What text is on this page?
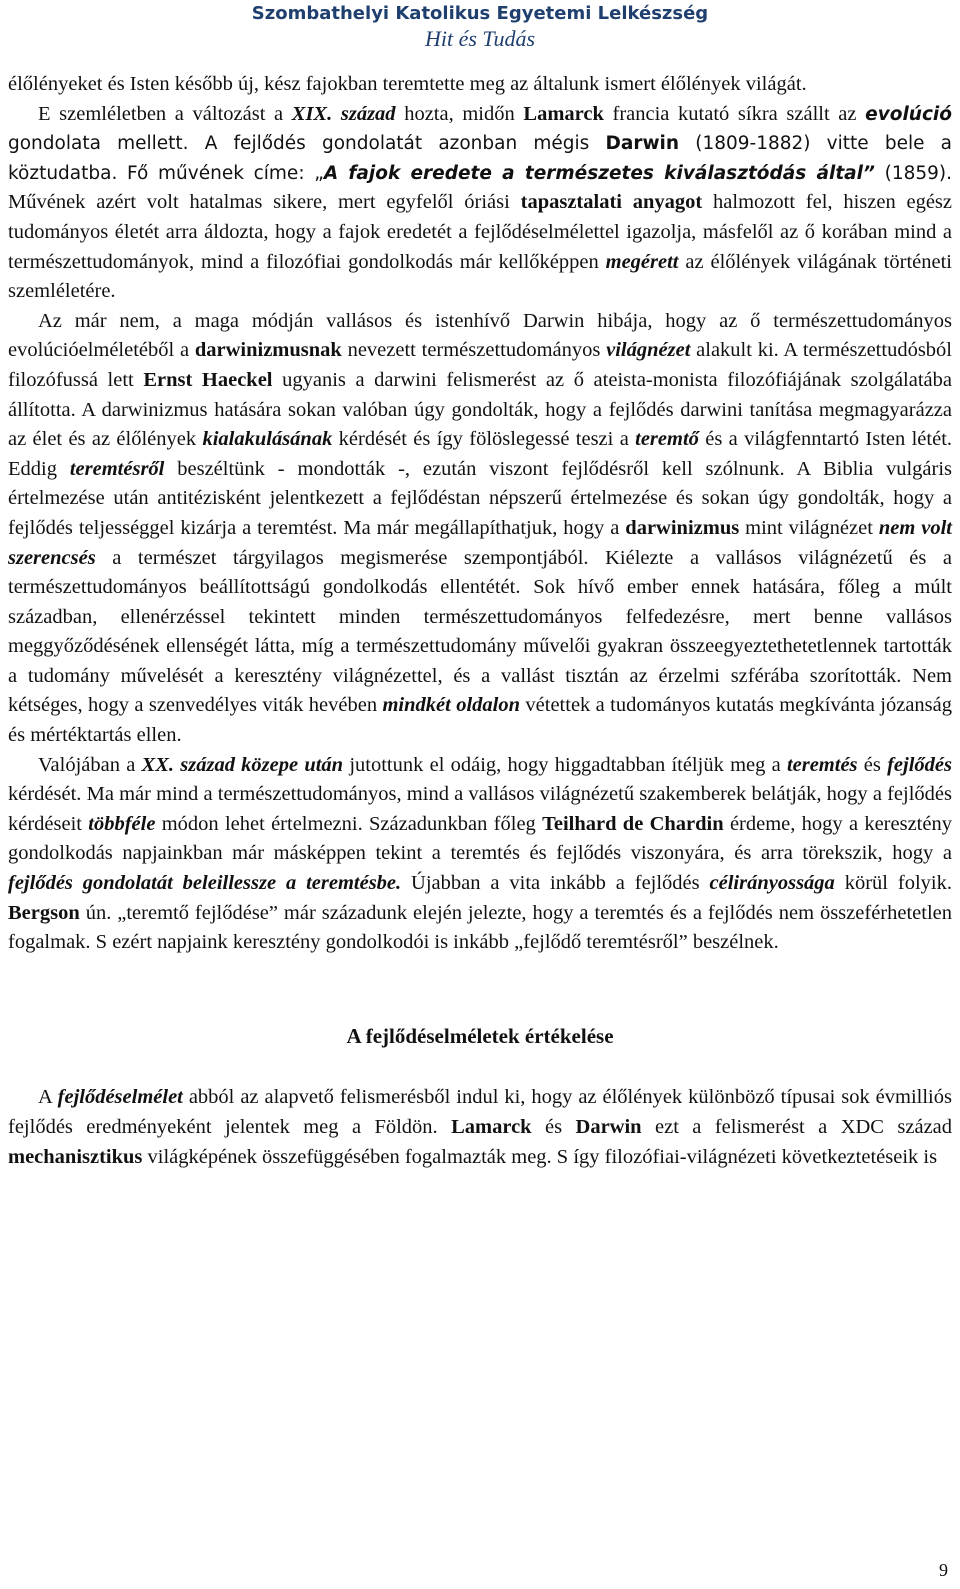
Szombathelyi Katolikus Egyetemi Lelkészség
Hit és Tudás

élőlényeket és Isten később új, kész fajokban teremtette meg az általunk ismert élőlények világát.

E szemléletben a változást a XIX. század hozta, midőn Lamarck francia kutató síkra szállt az evolúció gondolata mellett. A fejlődés gondolatát azonban mégis Darwin (1809-1882) vitte bele a köztudatba. Fő művének címe: „A fajok eredete a természetes kiválasztódás által” (1859). Művének azért volt hatalmas sikere, mert egyfelől óriási tapasztalati anyagot halmozott fel, hiszen egész tudományos életét arra áldozta, hogy a fajok eredetét a fejlődéselmélettel igazolja, másfelől az ő korában mind a természettudományok, mind a filozófiai gondolkodás már kellőképpen megérett az élőlények világának történeti szemléletére.

Az már nem, a maga módján vallásos és istenhívő Darwin hibája, hogy az ő természettudományos evolúcióelméletéből a darwinizmusnak nevezett természettudományos világnézet alakult ki. A természettudósból filozófussá lett Ernst Haeckel ugyanis a darwini felismerést az ő ateista-monista filozófiájának szolgálatába állította. A darwinizmus hatására sokan valóban úgy gondolták, hogy a fejlődés darwini tanítása megmagyarázza az élet és az élőlények kialakulásának kérdését és így fölöslegessé teszi a teremtő és a világfenntartó Isten létét. Eddig teremtésről beszéltünk - mondották -, ezután viszont fejlődésről kell szólnunk. A Biblia vulgáris értelmezése után antitézisként jelentkezett a fejlődéstan népszerű értelmezése és sokan úgy gondolták, hogy a fejlődés teljességgel kizárja a teremtést. Ma már megállapíthatjuk, hogy a darwinizmus mint világnézet nem volt szerencsés a természet tárgyilagos megismerése szempontjából. Kiélezte a vallásos világnézetű és a természettudományos beállítottságú gondolkodás ellentétét. Sok hívő ember ennek hatására, főleg a múlt században, ellenérzéssel tekintett minden természettudományos felfedezésre, mert benne vallásos meggyőződésének ellenségét látta, míg a természettudomány művelői gyakran összeegyeztethetetlennek tartották a tudomány művelését a keresztény világnézettel, és a vallást tisztán az érzelmi szférába szorították. Nem kétséges, hogy a szenvedélyes viták hevében mindkét oldalon vétettek a tudományos kutatás megkívánta józanság és mértéktartás ellen.

Valójában a XX. század közepe után jutottunk el odáig, hogy higgadtabban ítéljük meg a teremtés és fejlődés kérdését. Ma már mind a természettudományos, mind a vallásos világnézetű szakemberek belátják, hogy a fejlődés kérdéseit többféle módon lehet értelmezni. Századunkban főleg Teilhard de Chardin érdeme, hogy a keresztény gondolkodás napjainkban már másképpen tekint a teremtés és fejlődés viszonyára, és arra törekszik, hogy a fejlődés gondolatát beleillessze a teremtésbe. Újabban a vita inkább a fejlődés célirányossága körül folyik. Bergson ún. „teremtő fejlődése” már századunk elején jelezte, hogy a teremtés és a fejlődés nem összeférhetetlen fogalmak. S ezért napjaink keresztény gondolkodói is inkább „fejlődő teremtésről” beszélnek.

A fejlődéselméletek értékelése

A fejlődéselmélet abból az alapvető felismerésből indul ki, hogy az élőlények különböző típusai sok évmilliós fejlődés eredményeként jelentek meg a Földön. Lamarck és Darwin ezt a felismerést a XDC század mechanisztikus világképének összefüggésében fogalmazták meg. S így filozófiai-világnézeti következtetéseik is

9
